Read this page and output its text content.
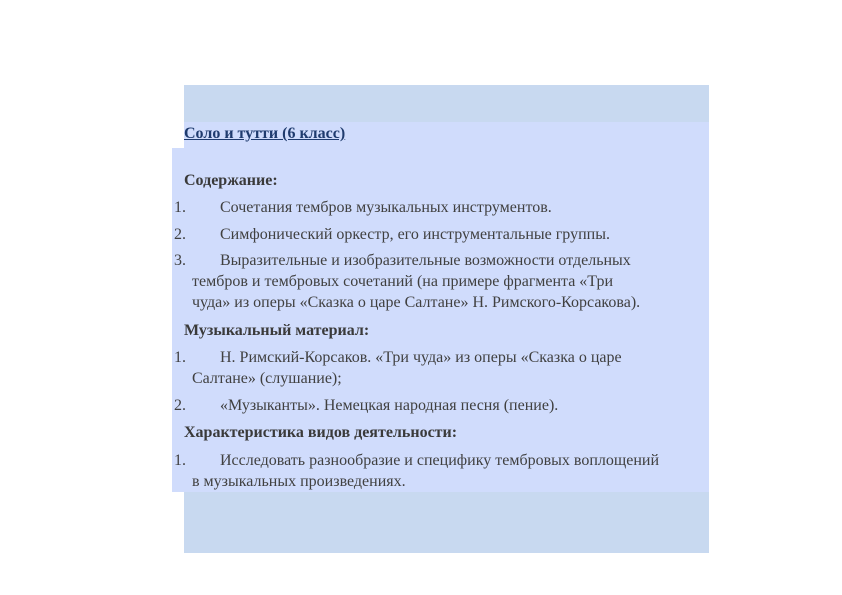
Соло и тутти (6 класс)
Содержание:
1. Сочетания тембров музыкальных инструментов.
2. Симфонический оркестр, его инструментальные группы.
3. Выразительные и изобразительные возможности отдельных
тембров и тембровых сочетаний (на примере фрагмента «Три
чуда» из оперы «Сказка о царе Салтане» Н. Римского-Корсакова).
Музыкальный материал:
1. Н. Римский-Корсаков. «Три чуда» из оперы «Сказка о царе
Салтане» (слушание);
2. «Музыканты». Немецкая народная песня (пение).
Характеристика видов деятельности:
1. Исследовать разнообразие и специфику тембровых воплощений
в музыкальных произведениях.
